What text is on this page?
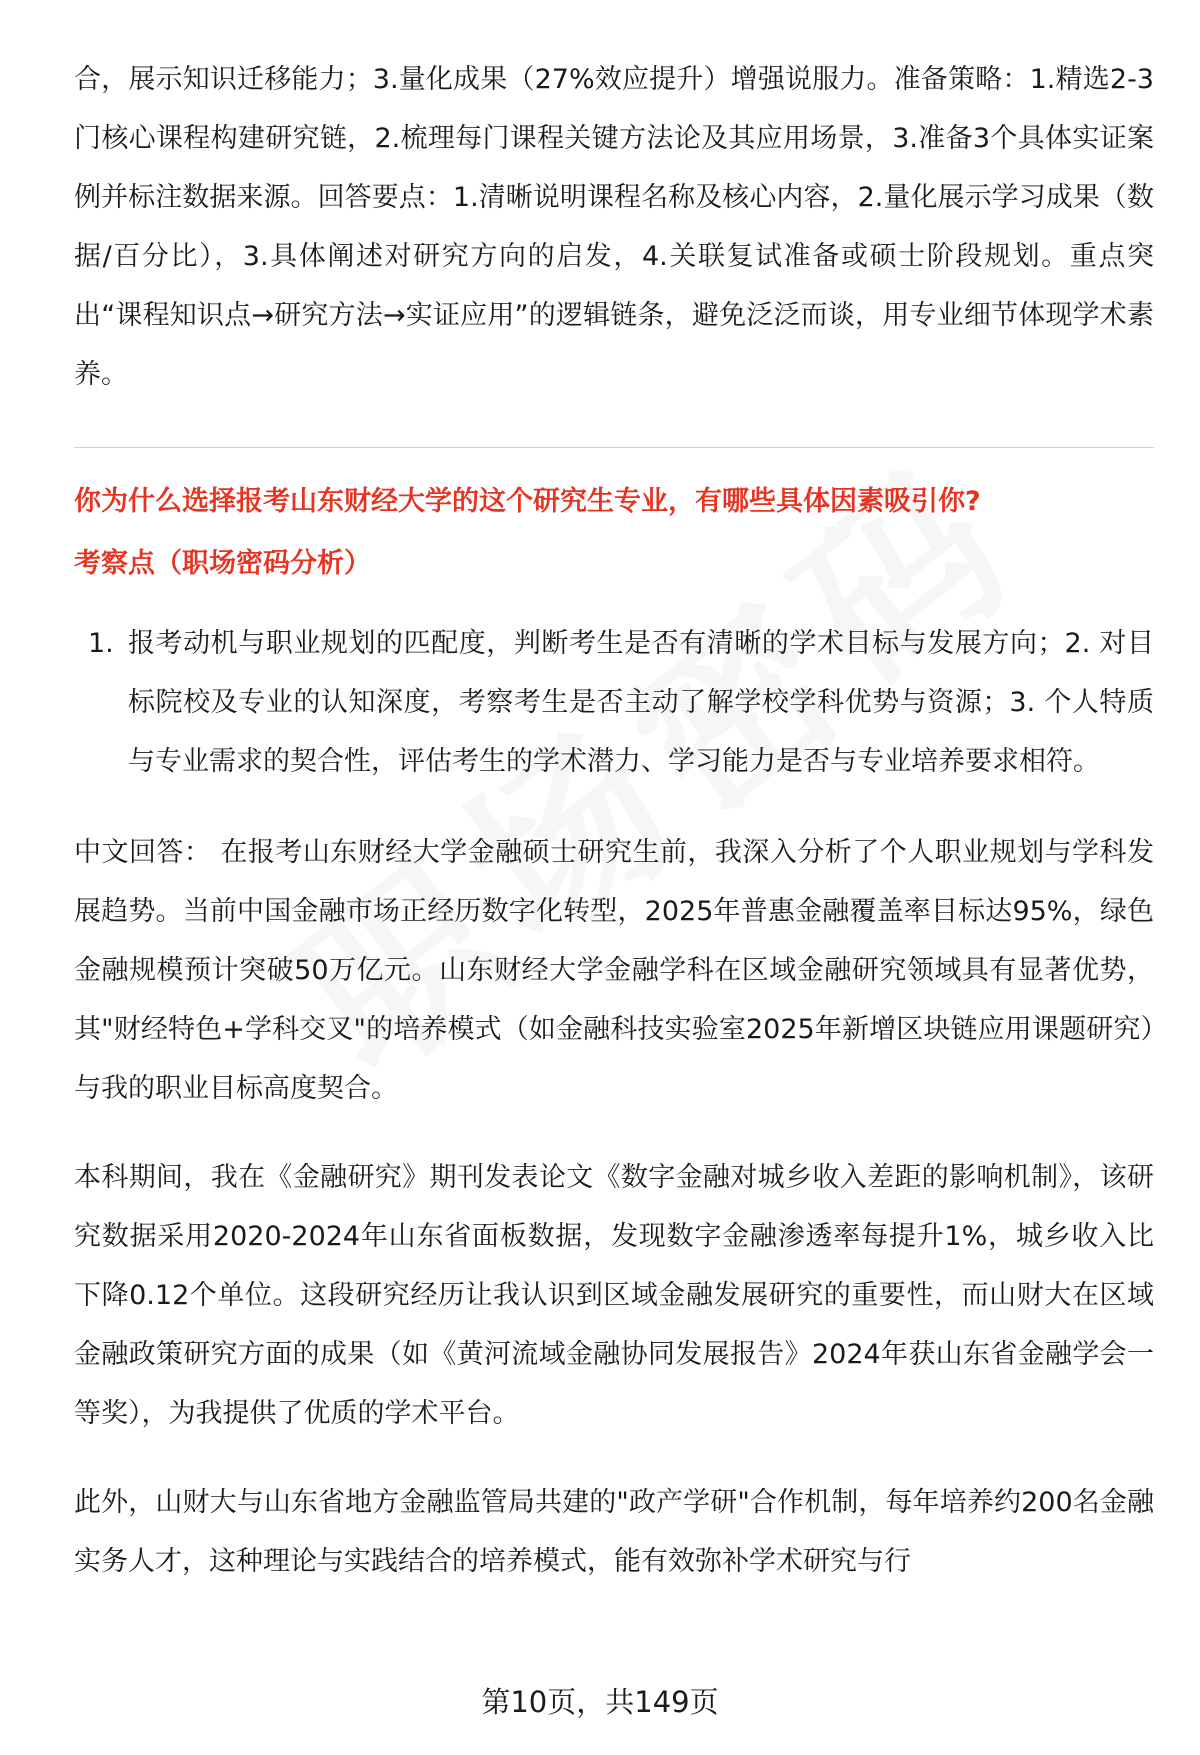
合，展示知识迁移能力；3.量化成果（27%效应提升）增强说服力。准备策略：1.精选2-3门核心课程构建研究链，2.梳理每门课程关键方法论及其应用场景，3.准备3个具体实证案例并标注数据来源。回答要点：1.清晰说明课程名称及核心内容，2.量化展示学习成果（数据/百分比），3.具体阐述对研究方向的启发，4.关联复试准备或硕士阶段规划。重点突出“课程知识点→研究方法→实证应用”的逻辑链条，避免泛泛而谈，用专业细节体现学术素养。

你为什么选择报考山东财经大学的这个研究生专业，有哪些具体因素吸引你?
考察点（职场密码分析）
1. 报考动机与职业规划的匹配度，判断考生是否有清晰的学术目标与发展方向；2. 对目标院校及专业的认知深度，考察考生是否主动了解学校学科优势与资源；3. 个人特质与专业需求的契合性，评估考生的学术潜力、学习能力是否与专业培养要求相符。

中文回答： 在报考山东财经大学金融硕士研究生前，我深入分析了个人职业规划与学科发展趋势。当前中国金融市场正经历数字化转型，2025年普惠金融覆盖率目标达95%，绿色金融规模预计突破50万亿元。山东财经大学金融学科在区域金融研究领域具有显著优势，其"财经特色+学科交叉"的培养模式（如金融科技实验室2025年新增区块链应用课题研究）与我的职业目标高度契合。

本科期间，我在《金融研究》期刊发表论文《数字金融对城乡收入差距的影响机制》，该研究数据采用2020-2024年山东省面板数据，发现数字金融渗透率每提升1%，城乡收入比下降0.12个单位。这段研究经历让我认识到区域金融发展研究的重要性，而山财大在区域金融政策研究方面的成果（如《黄河流域金融协同发展报告》2024年获山东省金融学会一等奖），为我提供了优质的学术平台。

此外，山财大与山东省地方金融监管局共建的"政产学研"合作机制，每年培养约200名金融实务人才，这种理论与实践结合的培养模式，能有效弥补学术研究与行

第10页，共149页
